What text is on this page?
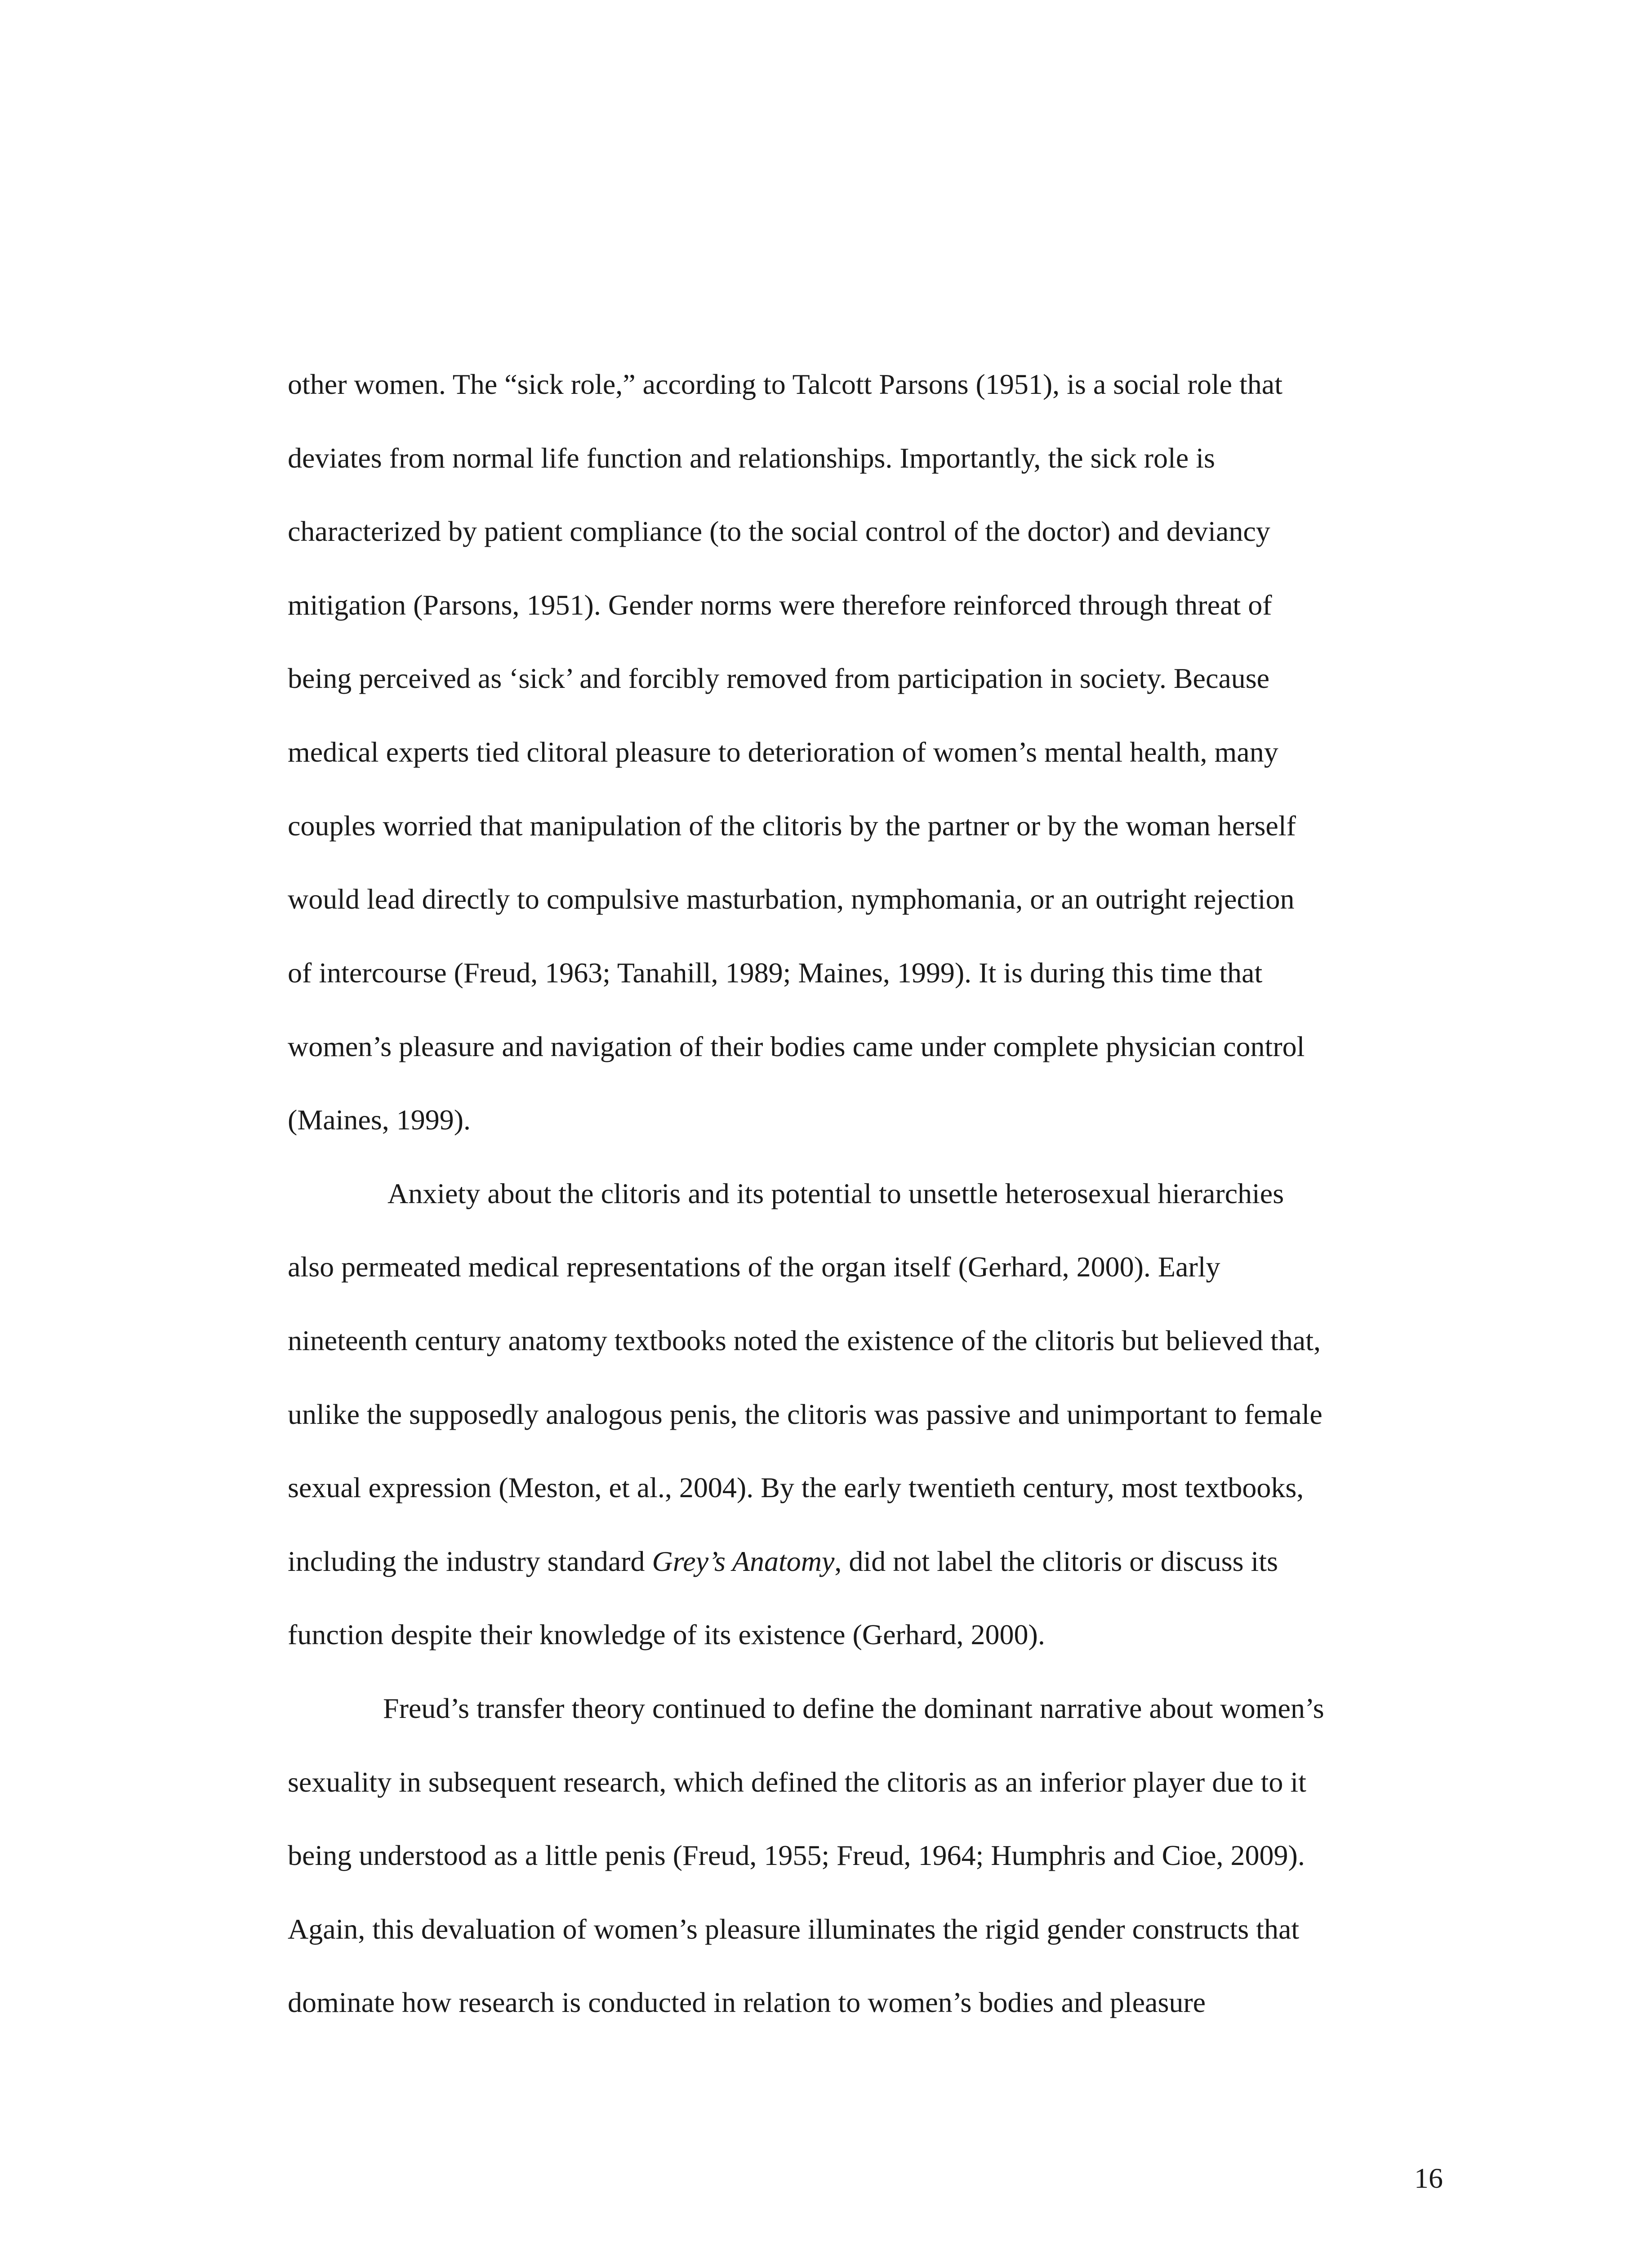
other women. The “sick role,” according to Talcott Parsons (1951), is a social role that

deviates from normal life function and relationships. Importantly, the sick role is

characterized by patient compliance (to the social control of the doctor) and deviancy

mitigation (Parsons, 1951). Gender norms were therefore reinforced through threat of

being perceived as ‘sick’ and forcibly removed from participation in society. Because

medical experts tied clitoral pleasure to deterioration of women’s mental health, many

couples worried that manipulation of the clitoris by the partner or by the woman herself

would lead directly to compulsive masturbation, nymphomania, or an outright rejection

of intercourse (Freud, 1963; Tanahill, 1989; Maines, 1999). It is during this time that

women’s pleasure and navigation of their bodies came under complete physician control

(Maines, 1999).

Anxiety about the clitoris and its potential to unsettle heterosexual hierarchies

also permeated medical representations of the organ itself (Gerhard, 2000). Early

nineteenth century anatomy textbooks noted the existence of the clitoris but believed that,

unlike the supposedly analogous penis, the clitoris was passive and unimportant to female

sexual expression (Meston, et al., 2004). By the early twentieth century, most textbooks,

including the industry standard Grey’s Anatomy, did not label the clitoris or discuss its

function despite their knowledge of its existence (Gerhard, 2000).

Freud’s transfer theory continued to define the dominant narrative about women’s

sexuality in subsequent research, which defined the clitoris as an inferior player due to it

being understood as a little penis (Freud, 1955; Freud, 1964; Humphris and Cioe, 2009).

Again, this devaluation of women’s pleasure illuminates the rigid gender constructs that

dominate how research is conducted in relation to women’s bodies and pleasure

16
